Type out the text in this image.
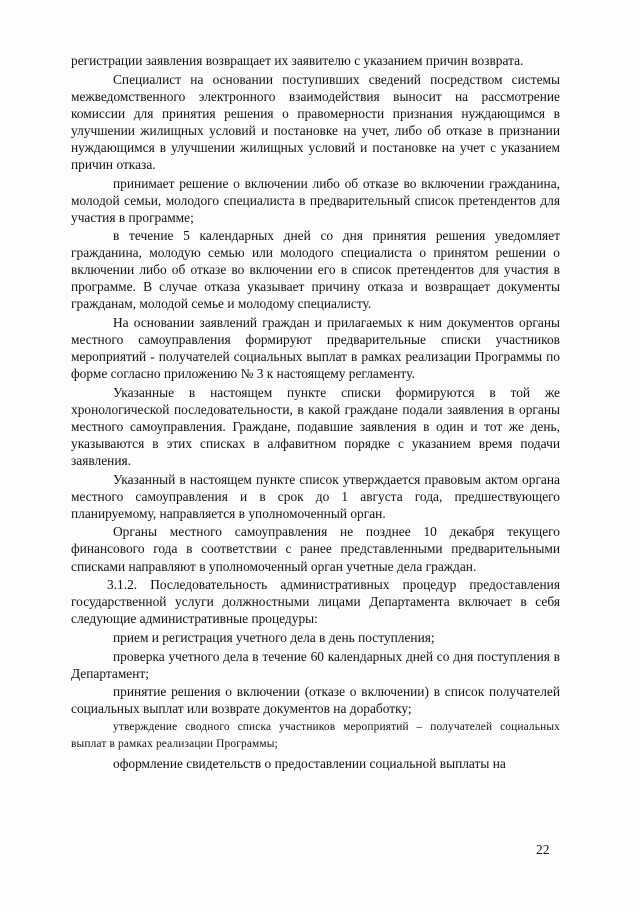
регистрации заявления возвращает их заявителю с указанием причин возврата.

Специалист на основании поступивших сведений посредством системы межведомственного электронного взаимодействия выносит на рассмотрение комиссии для принятия решения о правомерности признания нуждающимся в улучшении жилищных условий и постановке на учет, либо об отказе в признании нуждающимся в улучшении жилищных условий и постановке на учет с указанием причин отказа.

принимает решение о включении либо об отказе во включении гражданина, молодой семьи, молодого специалиста в предварительный список претендентов для участия в программе;

в течение 5 календарных дней со дня принятия решения уведомляет гражданина, молодую семью или молодого специалиста о принятом решении о включении либо об отказе во включении его в список претендентов для участия в программе. В случае отказа указывает причину отказа и возвращает документы гражданам, молодой семье и молодому специалисту.

На основании заявлений граждан и прилагаемых к ним документов органы местного самоуправления формируют предварительные списки участников мероприятий - получателей социальных выплат в рамках реализации Программы по форме согласно приложению № 3 к настоящему регламенту.

Указанные в настоящем пункте списки формируются в той же хронологической последовательности, в какой граждане подали заявления в органы местного самоуправления. Граждане, подавшие заявления в один и тот же день, указываются в этих списках в алфавитном порядке с указанием время подачи заявления.

Указанный в настоящем пункте список утверждается правовым актом органа местного самоуправления и в срок до 1 августа года, предшествующего планируемому, направляется в уполномоченный орган.

Органы местного самоуправления не позднее 10 декабря текущего финансового года в соответствии с ранее представленными предварительными списками направляют в уполномоченный орган учетные дела граждан.

3.1.2. Последовательность административных процедур предоставления государственной услуги должностными лицами Департамента включает в себя следующие административные процедуры:

прием и регистрация учетного дела в день поступления;

проверка учетного дела в течение 60 календарных дней со дня поступления в Департамент;

принятие решения о включении (отказе о включении) в список получателей социальных выплат или возврате документов на доработку;

утверждение сводного списка участников мероприятий – получателей социальных выплат в рамках реализации Программы;

оформление свидетельств о предоставлении социальной выплаты на

22
